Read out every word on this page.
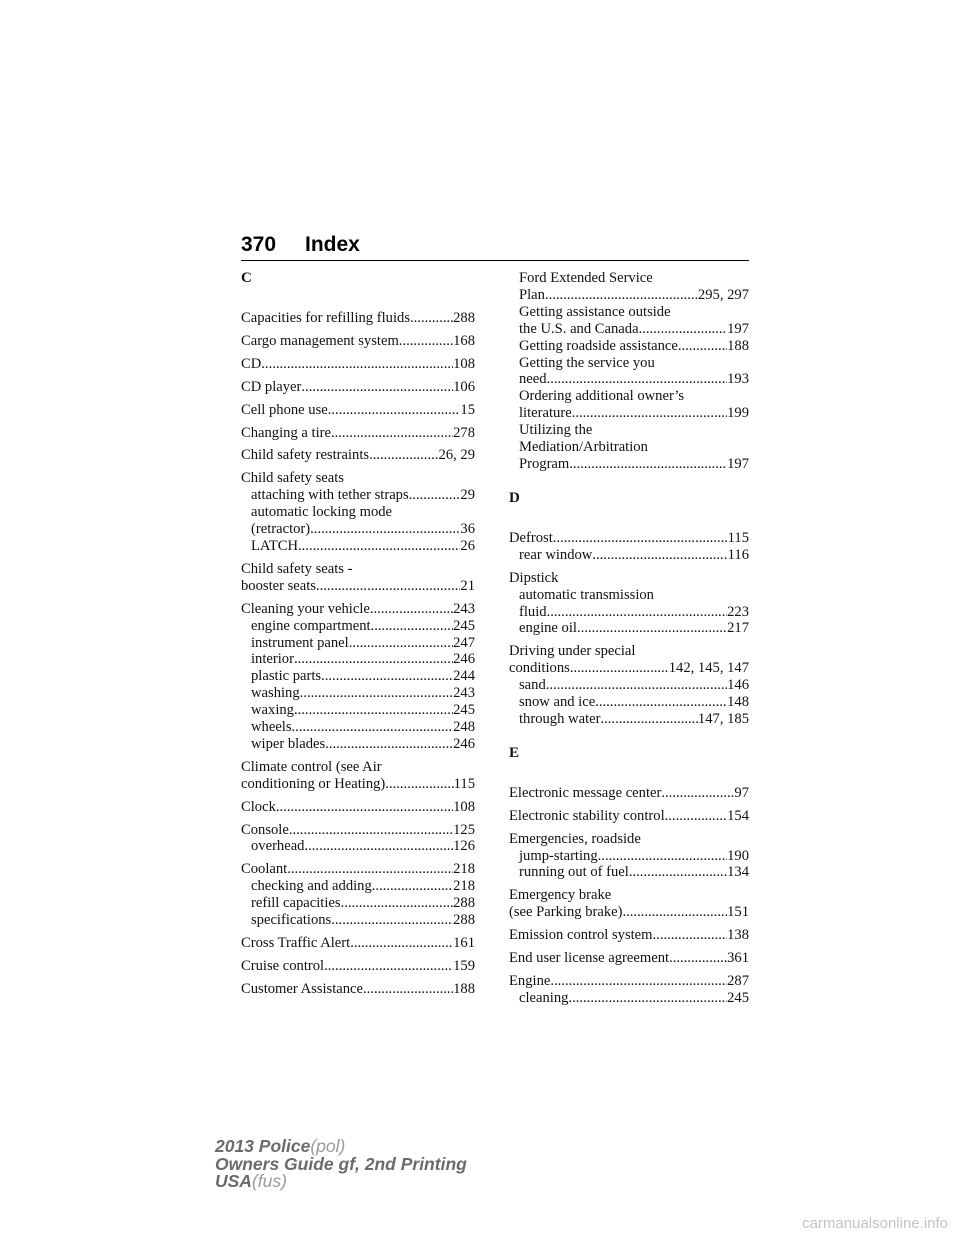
370 Index
C
Capacities for refilling fluids .....	288
Cargo management system .....	168
CD .....	108
CD player .....	106
Cell phone use .....	15
Changing a tire .....	278
Child safety restraints .....	26, 29
Child safety seats
attaching with tether straps .....	29
automatic locking mode
(retractor) .....	36
LATCH .....	26
Child safety seats -
booster seats .....	21
Cleaning your vehicle .....	243
engine compartment .....	245
instrument panel .....	247
interior .....	246
plastic parts .....	244
washing .....	243
waxing .....	245
wheels .....	248
wiper blades .....	246
Climate control (see Air
conditioning or Heating) .....	115
Clock .....	108
Console .....	125
overhead .....	126
Coolant .....	218
checking and adding .....	218
refill capacities .....	288
specifications .....	288
Cross Traffic Alert .....	161
Cruise control .....	159
Customer Assistance .....	188
Ford Extended Service
Plan .....	295, 297
Getting assistance outside
the U.S. and Canada .....	197
Getting roadside assistance .....	188
Getting the service you
need .....	193
Ordering additional owner’s
literature .....	199
Utilizing the
Mediation/Arbitration
Program .....	197
D
Defrost .....	115
rear window .....	116
Dipstick
automatic transmission
fluid .....	223
engine oil .....	217
Driving under special
conditions .....	142, 145, 147
sand .....	146
snow and ice .....	148
through water .....	147, 185
E
Electronic message center .....	97
Electronic stability control .....	154
Emergencies, roadside
jump-starting .....	190
running out of fuel .....	134
Emergency brake
(see Parking brake) .....	151
Emission control system .....	138
End user license agreement .....	361
Engine .....	287
cleaning .....	245
2013 Police(pol)
Owners Guide gf, 2nd Printing
USA(fus)
carmanualsonline.info
